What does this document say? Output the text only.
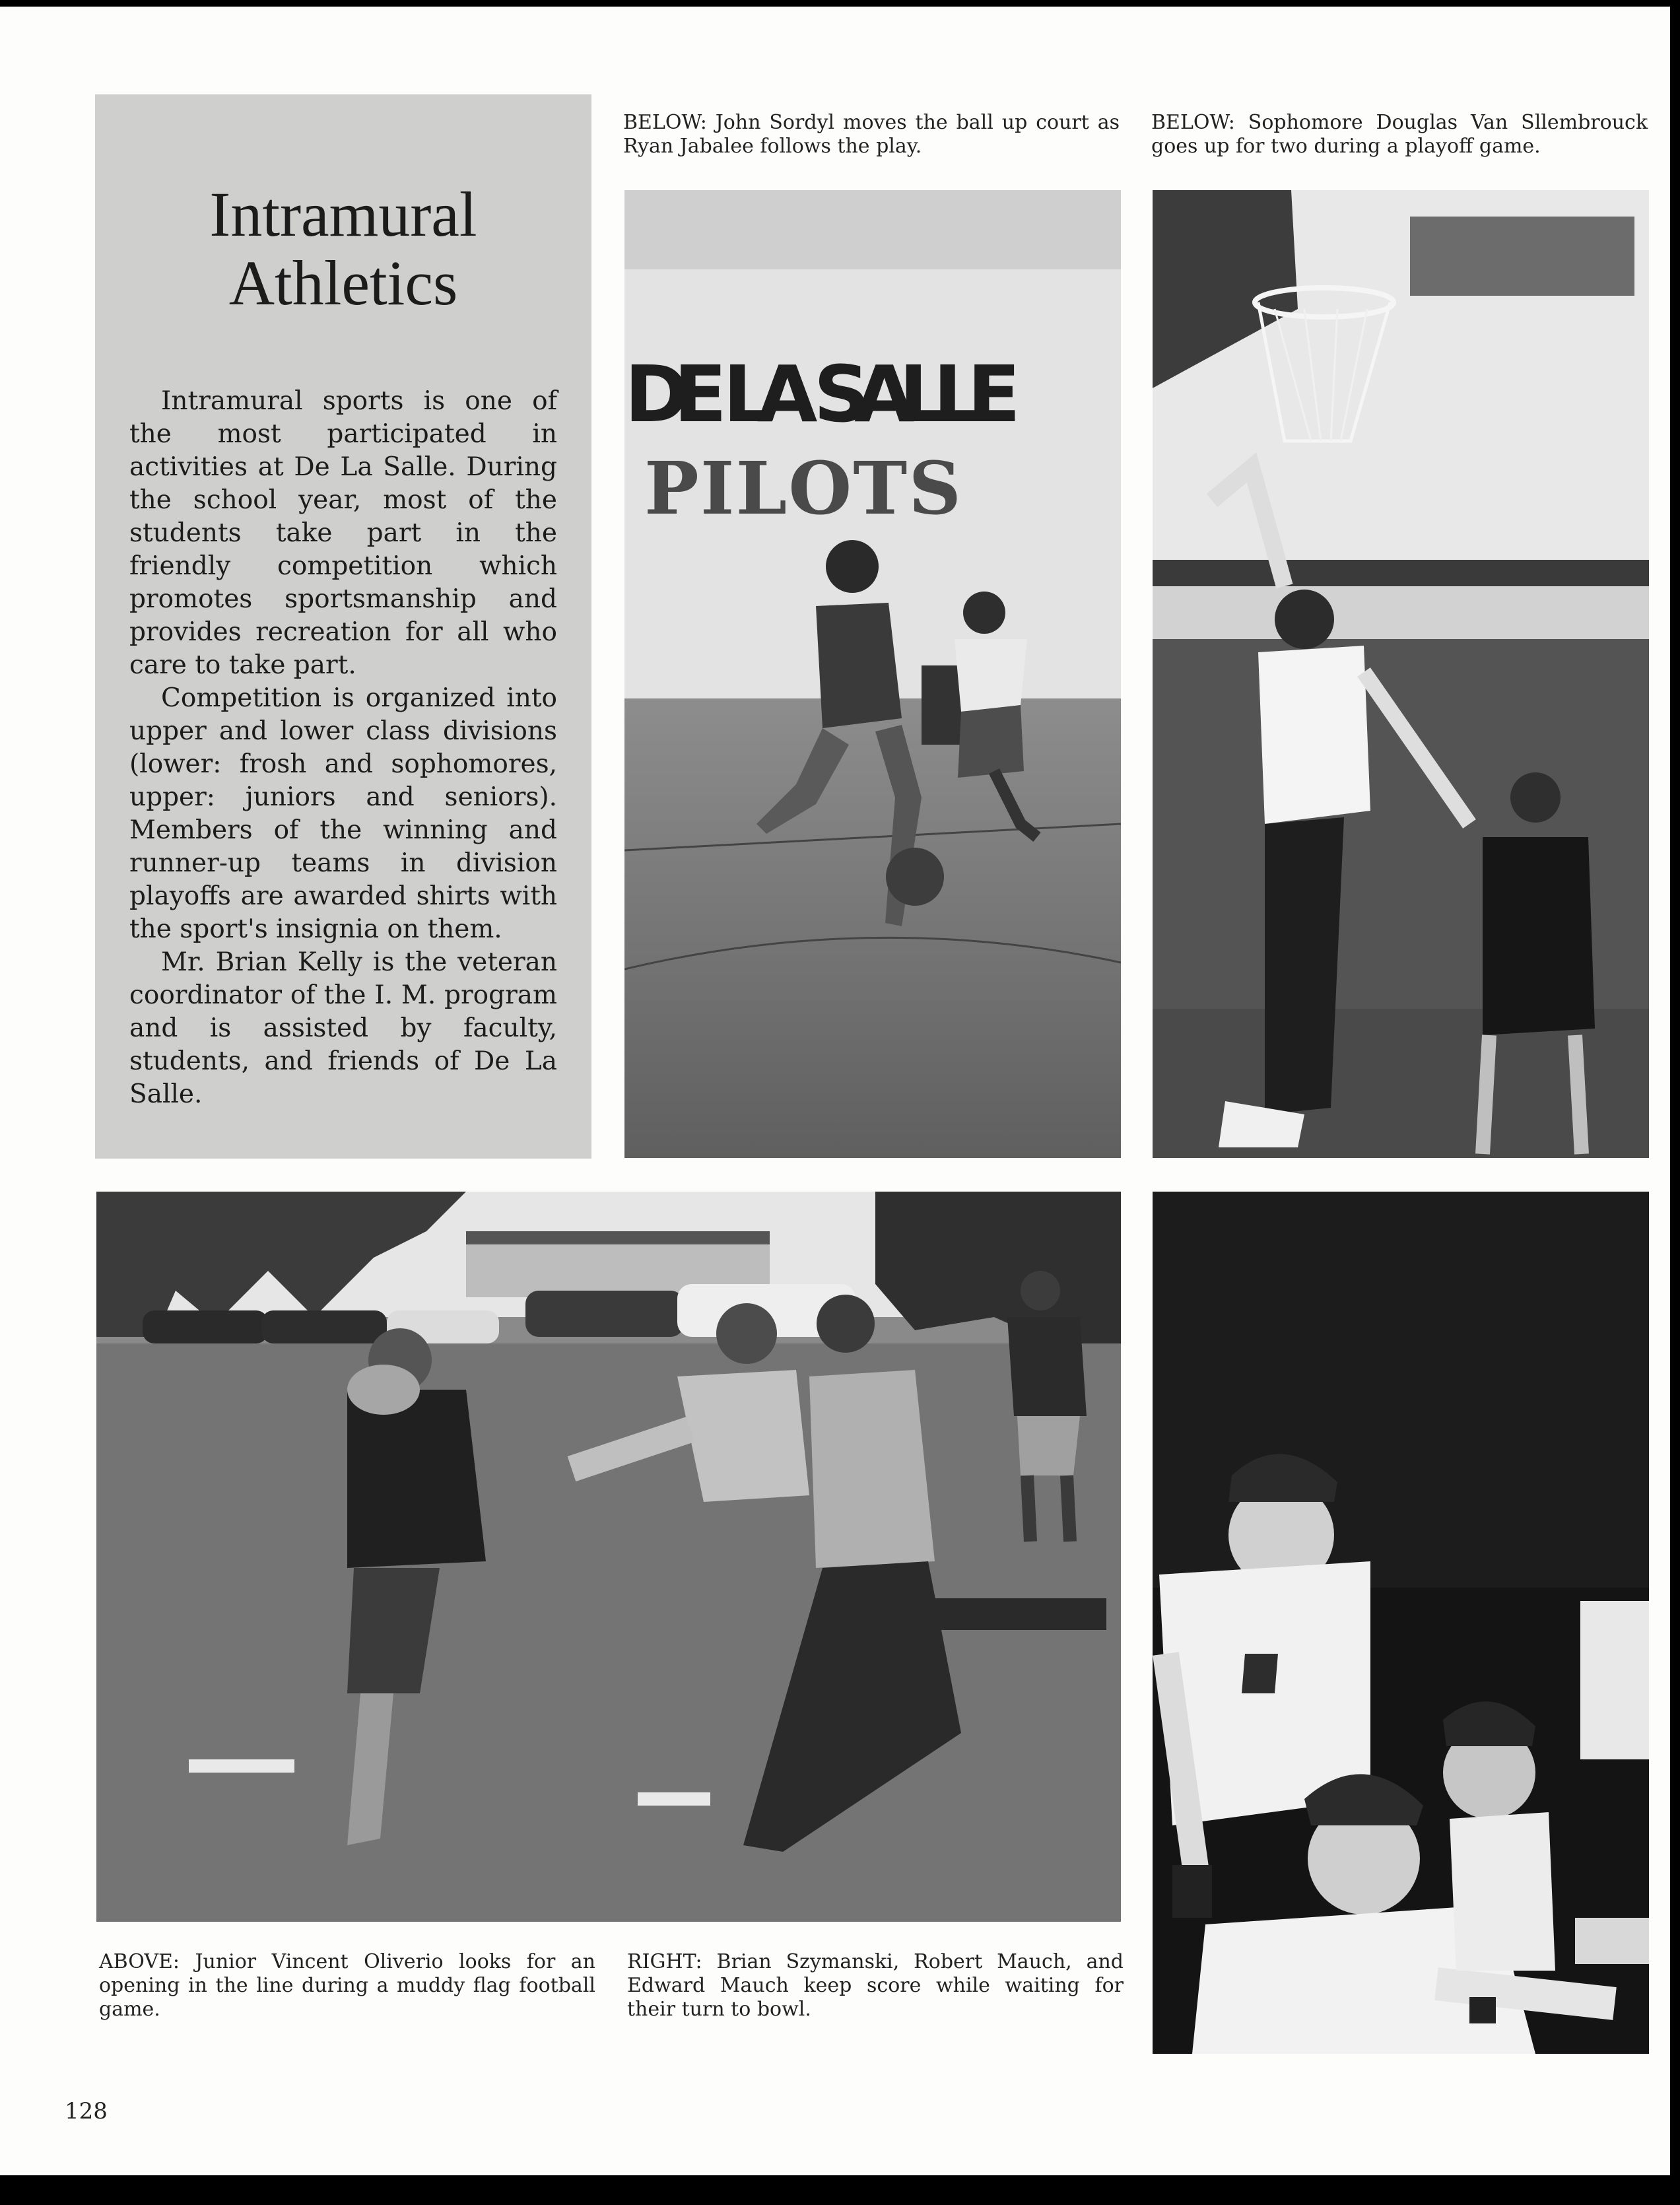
Intramural
Athletics

Intramural sports is one of the most participated in activities at De La Salle. During the school year, most of the students take part in the friendly competition which promotes sportsmanship and provides recreation for all who care to take part.

Competition is organized into upper and lower class divisions (lower: frosh and sophomores, upper: juniors and seniors). Members of the winning and runner-up teams in division playoffs are awarded shirts with the sport's insignia on them.

Mr. Brian Kelly is the veteran coordinator of the I. M. program and is assisted by faculty, students, and friends of De La Salle.

BELOW: John Sordyl moves the ball up court as Ryan Jabalee follows the play.
BELOW: Sophomore Douglas Van Sllembrouck goes up for two during a playoff game.
DE LA SALLE
PILOTS
ABOVE: Junior Vincent Oliverio looks for an opening in the line during a muddy flag football game.
RIGHT: Brian Szymanski, Robert Mauch, and Edward Mauch keep score while waiting for their turn to bowl.
128
